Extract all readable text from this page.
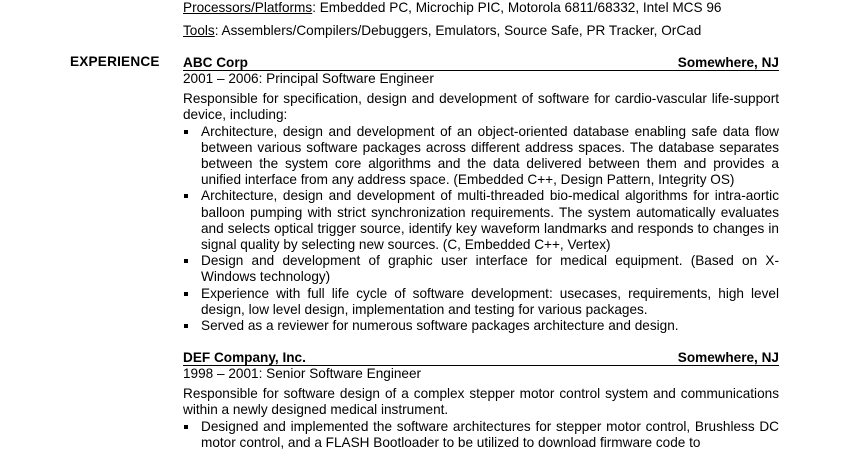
Processors/Platforms: Embedded PC, Microchip PIC, Motorola 6811/68332, Intel MCS 96
Tools: Assemblers/Compilers/Debuggers, Emulators, Source Safe, PR Tracker, OrCad
EXPERIENCE ABC Corp	Somewhere, NJ
2001 – 2006: Principal Software Engineer
Responsible for specification, design and development of software for cardio-vascular life-support device, including:
Architecture, design and development of an object-oriented database enabling safe data flow between various software packages across different address spaces. The database separates between the system core algorithms and the data delivered between them and provides a unified interface from any address space. (Embedded C++, Design Pattern, Integrity OS)
Architecture, design and development of multi-threaded bio-medical algorithms for intra-aortic balloon pumping with strict synchronization requirements. The system automatically evaluates and selects optical trigger source, identify key waveform landmarks and responds to changes in signal quality by selecting new sources. (C, Embedded C++, Vertex)
Design and development of graphic user interface for medical equipment. (Based on X-Windows technology)
Experience with full life cycle of software development: usecases, requirements, high level design, low level design, implementation and testing for various packages.
Served as a reviewer for numerous software packages architecture and design.
DEF Company, Inc.	Somewhere, NJ
1998 – 2001: Senior Software Engineer
Responsible for software design of a complex stepper motor control system and communications within a newly designed medical instrument.
Designed and implemented the software architectures for stepper motor control, Brushless DC motor control, and a FLASH Bootloader to be utilized to download firmware code to
